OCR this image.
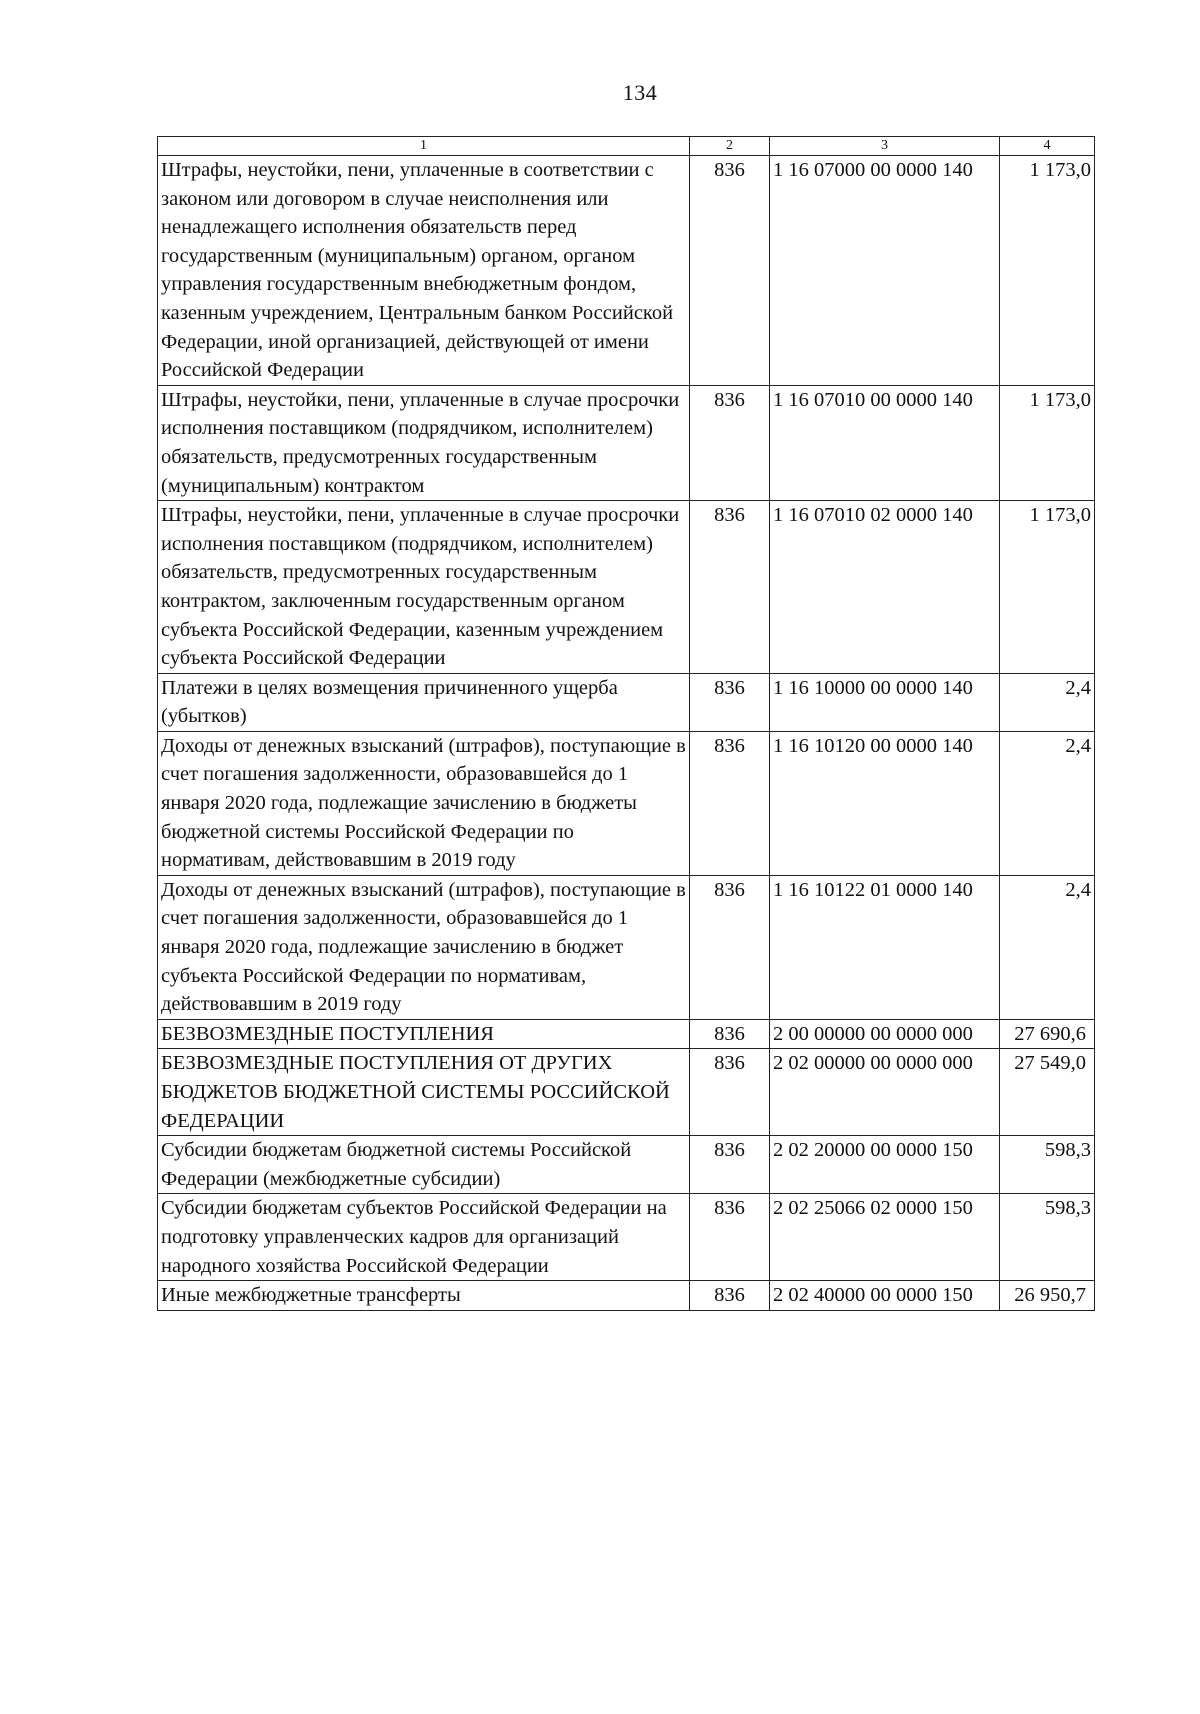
134
1	2	3	4
Штрафы, неустойки, пени, уплаченные в соответствии с законом или договором в случае неисполнения или ненадлежащего исполнения обязательств перед государственным (муниципальным) органом, органом управления государственным внебюджетным фондом, казенным учреждением, Центральным банком Российской Федерации, иной организацией, действующей от имени Российской Федерации	836	1 16 07000 00 0000 140	1 173,0
Штрафы, неустойки, пени, уплаченные в случае просрочки исполнения поставщиком (подрядчиком, исполнителем) обязательств, предусмотренных государственным (муниципальным) контрактом	836	1 16 07010 00 0000 140	1 173,0
Штрафы, неустойки, пени, уплаченные в случае просрочки исполнения поставщиком (подрядчиком, исполнителем) обязательств, предусмотренных государственным контрактом, заключенным государственным органом субъекта Российской Федерации, казенным учреждением субъекта Российской Федерации	836	1 16 07010 02 0000 140	1 173,0
Платежи в целях возмещения причиненного ущерба (убытков)	836	1 16 10000 00 0000 140	2,4
Доходы от денежных взысканий (штрафов), поступающие в счет погашения задолженности, образовавшейся до 1 января 2020 года, подлежащие зачислению в бюджеты бюджетной системы Российской Федерации по нормативам, действовавшим в 2019 году	836	1 16 10120 00 0000 140	2,4
Доходы от денежных взысканий (штрафов), поступающие в счет погашения задолженности, образовавшейся до 1 января 2020 года, подлежащие зачислению в бюджет субъекта Российской Федерации по нормативам, действовавшим в 2019 году	836	1 16 10122 01 0000 140	2,4
БЕЗВОЗМЕЗДНЫЕ ПОСТУПЛЕНИЯ	836	2 00 00000 00 0000 000	27 690,6
БЕЗВОЗМЕЗДНЫЕ ПОСТУПЛЕНИЯ ОТ ДРУГИХ БЮДЖЕТОВ БЮДЖЕТНОЙ СИСТЕМЫ РОССИЙСКОЙ ФЕДЕРАЦИИ	836	2 02 00000 00 0000 000	27 549,0
Субсидии бюджетам бюджетной системы Российской Федерации (межбюджетные субсидии)	836	2 02 20000 00 0000 150	598,3
Субсидии бюджетам субъектов Российской Федерации на подготовку управленческих кадров для организаций народного хозяйства Российской Федерации	836	2 02 25066 02 0000 150	598,3
Иные межбюджетные трансферты	836	2 02 40000 00 0000 150	26 950,7
